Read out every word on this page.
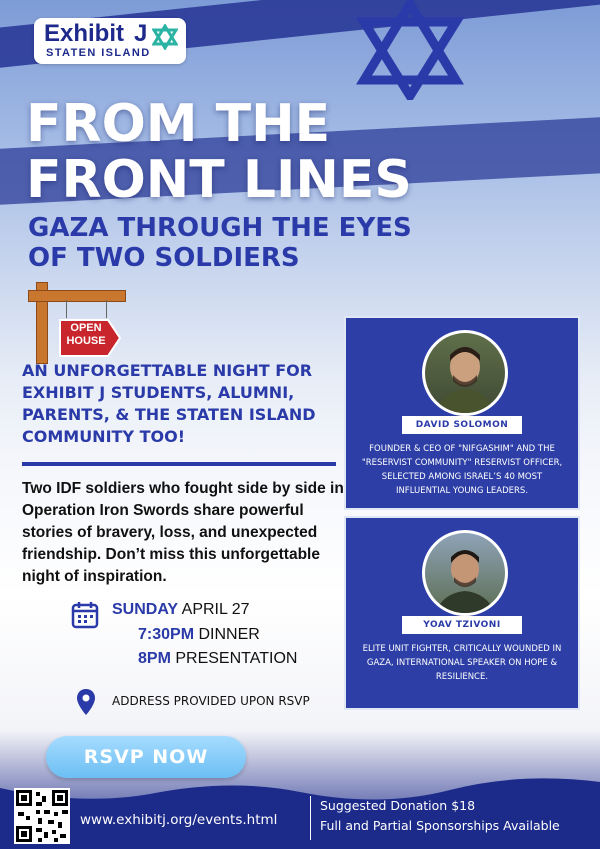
Exhibit J
STATEN ISLAND
FROM THE
FRONT LINES
GAZA THROUGH THE EYES
OF TWO SOLDIERS
OPEN
HOUSE
AN UNFORGETTABLE NIGHT FOR EXHIBIT J STUDENTS, ALUMNI, PARENTS, & THE STATEN ISLAND COMMUNITY TOO!
Two IDF soldiers who fought side by side in Operation Iron Swords share powerful stories of bravery, loss, and unexpected friendship. Don’t miss this unforgettable night of inspiration.
SUNDAY APRIL 27
7:30PM DINNER
8PM PRESENTATION
ADDRESS PROVIDED UPON RSVP
DAVID SOLOMON
FOUNDER & CEO OF "NIFGASHIM" AND THE "RESERVIST COMMUNITY" RESERVIST OFFICER, SELECTED AMONG ISRAEL’S 40 MOST INFLUENTIAL YOUNG LEADERS.
YOAV TZIVONI
ELITE UNIT FIGHTER, CRITICALLY WOUNDED IN GAZA, INTERNATIONAL SPEAKER ON HOPE & RESILIENCE.
RSVP NOW
www.exhibitj.org/events.html
Suggested Donation $18
Full and Partial Sponsorships Available
